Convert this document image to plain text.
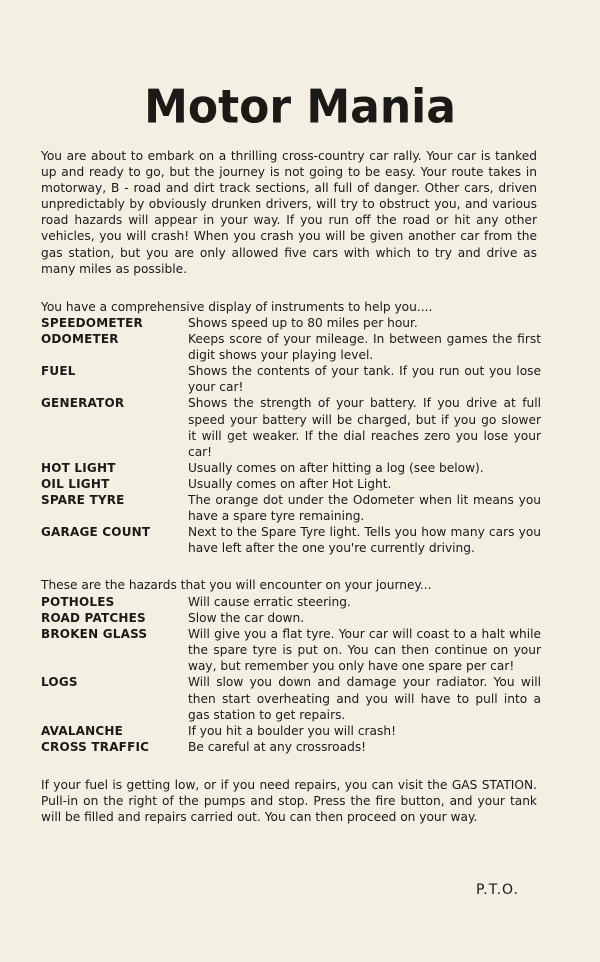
Motor Mania

You are about to embark on a thrilling cross-country car rally. Your car is tanked up and ready to go, but the journey is not going to be easy. Your route takes in motorway, B - road and dirt track sections, all full of danger. Other cars, driven unpredictably by obviously drunken drivers, will try to obstruct you, and various road hazards will appear in your way. If you run off the road or hit any other vehicles, you will crash! When you crash you will be given another car from the gas station, but you are only allowed five cars with which to try and drive as many miles as possible.

You have a comprehensive display of instruments to help you....

SPEEDOMETER	Shows speed up to 80 miles per hour.
ODOMETER	Keeps score of your mileage. In between games the first digit shows your playing level.
FUEL	Shows the contents of your tank. If you run out you lose your car!
GENERATOR	Shows the strength of your battery. If you drive at full speed your battery will be charged, but if you go slower it will get weaker. If the dial reaches zero you lose your car!
HOT LIGHT	Usually comes on after hitting a log (see below).
OIL LIGHT	Usually comes on after Hot Light.
SPARE TYRE	The orange dot under the Odometer when lit means you have a spare tyre remaining.
GARAGE COUNT	Next to the Spare Tyre light. Tells you how many cars you have left after the one you're currently driving.

These are the hazards that you will encounter on your journey...

POTHOLES	Will cause erratic steering.
ROAD PATCHES	Slow the car down.
BROKEN GLASS	Will give you a flat tyre. Your car will coast to a halt while the spare tyre is put on. You can then continue on your way, but remember you only have one spare per car!
LOGS	Will slow you down and damage your radiator. You will then start overheating and you will have to pull into a gas station to get repairs.
AVALANCHE	If you hit a boulder you will crash!
CROSS TRAFFIC	Be careful at any crossroads!

If your fuel is getting low, or if you need repairs, you can visit the GAS STATION. Pull-in on the right of the pumps and stop. Press the fire button, and your tank will be filled and repairs carried out. You can then proceed on your way.

P.T.O.
